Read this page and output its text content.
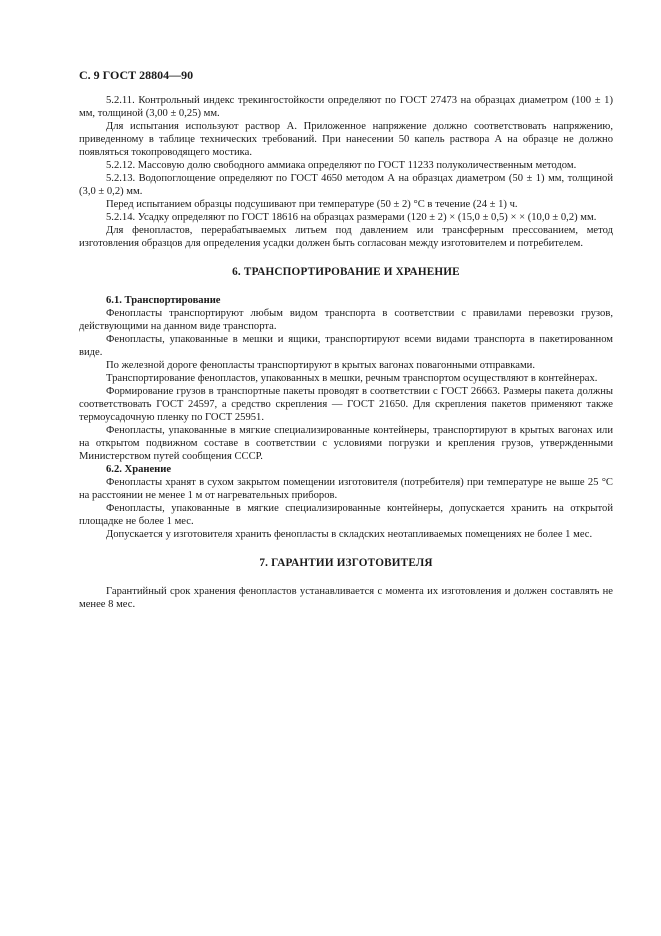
С. 9 ГОСТ 28804—90

5.2.11. Контрольный индекс трекингостойкости определяют по ГОСТ 27473 на образцах диаметром (100 ± 1) мм, толщиной (3,00 ± 0,25) мм.

Для испытания используют раствор А. Приложенное напряжение должно соответствовать напряжению, приведенному в таблице технических требований. При нанесении 50 капель раствора А на образце не должно появляться токопроводящего мостика.

5.2.12. Массовую долю свободного аммиака определяют по ГОСТ 11233 полуколичественным методом.

5.2.13. Водопоглощение определяют по ГОСТ 4650 методом А на образцах диаметром (50 ± 1) мм, толщиной (3,0 ± 0,2) мм.

Перед испытанием образцы подсушивают при температуре (50 ± 2) °С в течение (24 ± 1) ч.

5.2.14. Усадку определяют по ГОСТ 18616 на образцах размерами (120 ± 2) × (15,0 ± 0,5) × × (10,0 ± 0,2) мм.

Для фенопластов, перерабатываемых литьем под давлением или трансферным прессованием, метод изготовления образцов для определения усадки должен быть согласован между изготовителем и потребителем.

6. ТРАНСПОРТИРОВАНИЕ И ХРАНЕНИЕ
6.1. Транспортирование

Фенопласты транспортируют любым видом транспорта в соответствии с правилами перевозки грузов, действующими на данном виде транспорта.

Фенопласты, упакованные в мешки и ящики, транспортируют всеми видами транспорта в пакетированном виде.

По железной дороге фенопласты транспортируют в крытых вагонах повагонными отправками.

Транспортирование фенопластов, упакованных в мешки, речным транспортом осуществляют в контейнерах.

Формирование грузов в транспортные пакеты проводят в соответствии с ГОСТ 26663. Размеры пакета должны соответствовать ГОСТ 24597, а средство скрепления — ГОСТ 21650. Для скрепления пакетов применяют также термоусадочную пленку по ГОСТ 25951.

Фенопласты, упакованные в мягкие специализированные контейнеры, транспортируют в крытых вагонах или на открытом подвижном составе в соответствии с условиями погрузки и крепления грузов, утвержденными Министерством путей сообщения СССР.

6.2. Хранение

Фенопласты хранят в сухом закрытом помещении изготовителя (потребителя) при температуре не выше 25 °С на расстоянии не менее 1 м от нагревательных приборов.

Фенопласты, упакованные в мягкие специализированные контейнеры, допускается хранить на открытой площадке не более 1 мес.

Допускается у изготовителя хранить фенопласты в складских неотапливаемых помещениях не более 1 мес.

7. ГАРАНТИИ ИЗГОТОВИТЕЛЯ

Гарантийный срок хранения фенопластов устанавливается с момента их изготовления и должен составлять не менее 8 мес.
